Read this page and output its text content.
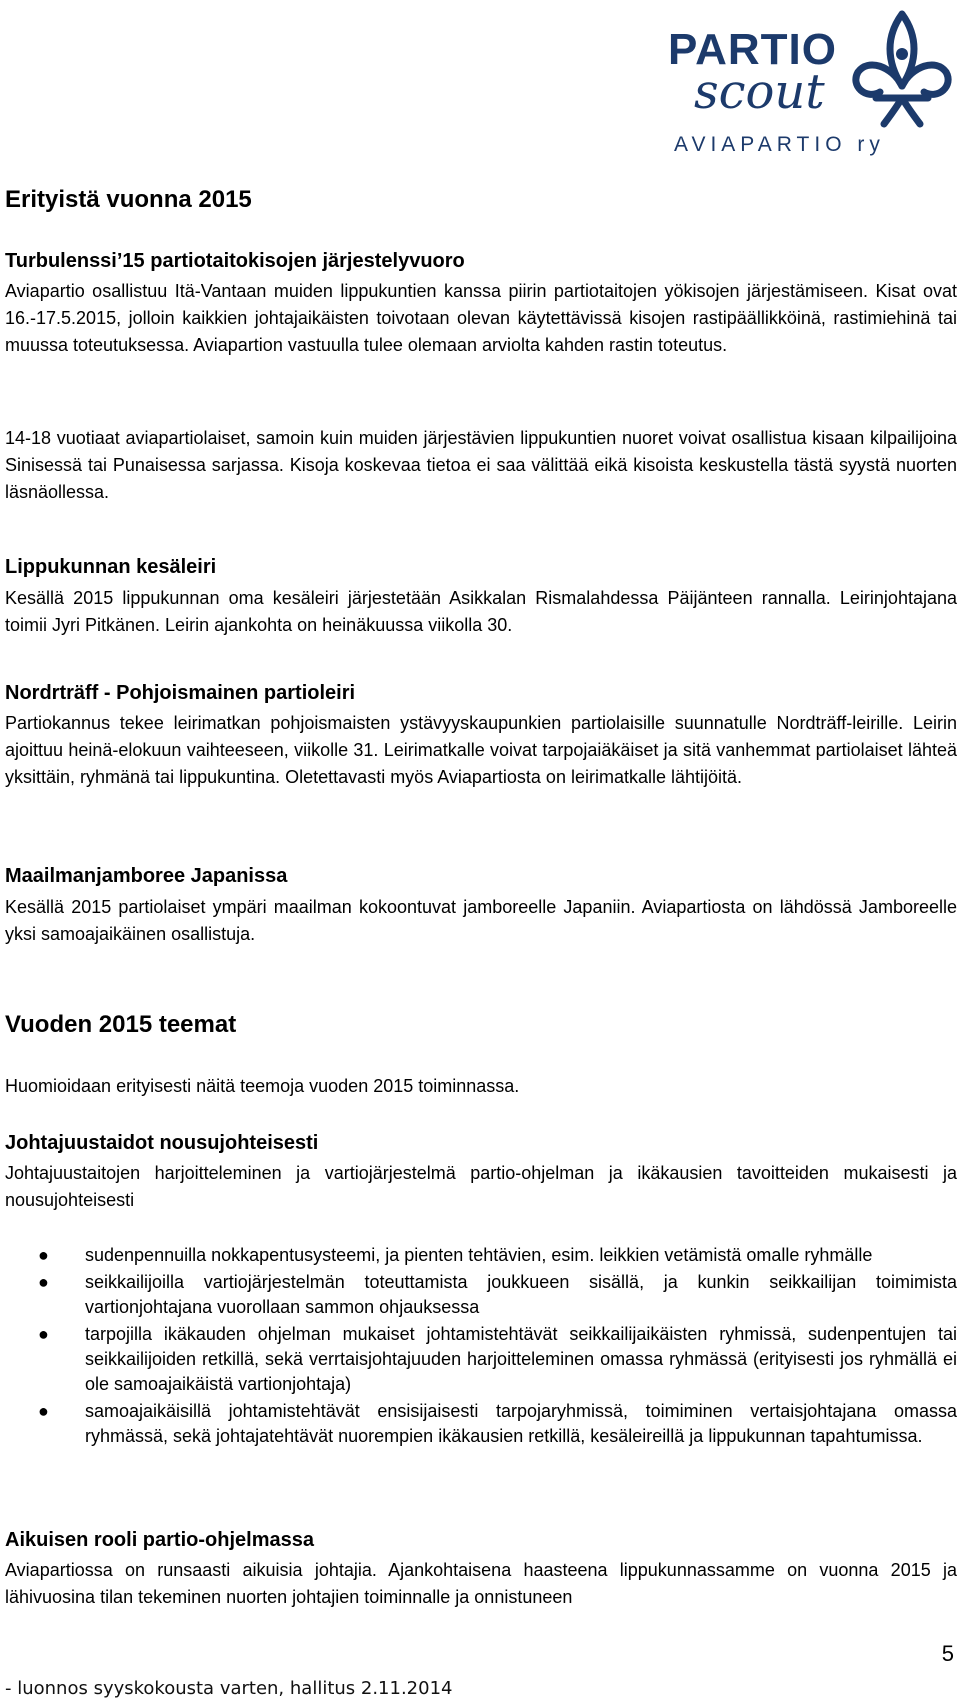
PARTIO
scout
AVIAPARTIO ry
Erityistä vuonna 2015
Turbulenssi’15 partiotaitokisojen järjestelyvuoro

Aviapartio osallistuu Itä-Vantaan muiden lippukuntien kanssa piirin partiotaitojen yökisojen järjestämiseen. Kisat ovat 16.-17.5.2015, jolloin kaikkien johtajaikäisten toivotaan olevan käytettävissä kisojen rastipäällikköinä, rastimiehinä tai muussa toteutuksessa. Aviapartion vastuulla tulee olemaan arviolta kahden rastin toteutus.

14-18 vuotiaat aviapartiolaiset, samoin kuin muiden järjestävien lippukuntien nuoret voivat osallistua kisaan kilpailijoina Sinisessä tai Punaisessa sarjassa. Kisoja koskevaa tietoa ei saa välittää eikä kisoista keskustella tästä syystä nuorten läsnäollessa.

Lippukunnan kesäleiri

Kesällä 2015 lippukunnan oma kesäleiri järjestetään Asikkalan Rismalahdessa Päijänteen rannalla. Leirinjohtajana toimii Jyri Pitkänen. Leirin ajankohta on heinäkuussa viikolla 30.

Nordrträff - Pohjoismainen partioleiri

Partiokannus tekee leirimatkan pohjoismaisten ystävyyskaupunkien partiolaisille suunnatulle Nordträff-leirille. Leirin ajoittuu heinä-elokuun vaihteeseen, viikolle 31. Leirimatkalle voivat tarpojaiäkäiset ja sitä vanhemmat partiolaiset lähteä yksittäin, ryhmänä tai lippukuntina. Oletettavasti myös Aviapartiosta on leirimatkalle lähtijöitä.

Maailmanjamboree Japanissa

Kesällä 2015 partiolaiset ympäri maailman kokoontuvat jamboreelle Japaniin. Aviapartiosta on lähdössä Jamboreelle yksi samoajaikäinen osallistuja.

Vuoden 2015 teemat

Huomioidaan erityisesti näitä teemoja vuoden 2015 toiminnassa.

Johtajuustaidot nousujohteisesti

Johtajuustaitojen harjoitteleminen ja vartiojärjestelmä partio-ohjelman ja ikäkausien tavoitteiden mukaisesti ja nousujohteisesti

● sudenpennuilla nokkapentusysteemi, ja pienten tehtävien, esim. leikkien vetämistä omalle ryhmälle
● seikkailijoilla vartiojärjestelmän toteuttamista joukkueen sisällä, ja kunkin seikkailijan toimimista vartionjohtajana vuorollaan sammon ohjauksessa
● tarpojilla ikäkauden ohjelman mukaiset johtamistehtävät seikkailijaikäisten ryhmissä, sudenpentujen tai seikkailijoiden retkillä, sekä verrtaisjohtajuuden harjoitteleminen omassa ryhmässä (erityisesti jos ryhmällä ei ole samoajaikäistä vartionjohtaja)
● samoajaikäisillä johtamistehtävät ensisijaisesti tarpojaryhmissä, toimiminen vertaisjohtajana omassa ryhmässä, sekä johtajatehtävät nuorempien ikäkausien retkillä, kesäleireillä ja lippukunnan tapahtumissa.
Aikuisen rooli partio-ohjelmassa

Aviapartiossa on runsaasti aikuisia johtajia. Ajankohtaisena haasteena lippukunnassamme on vuonna 2015 ja lähivuosina tilan tekeminen nuorten johtajien toiminnalle ja onnistuneen

5
- luonnos syyskokousta varten, hallitus 2.11.2014
